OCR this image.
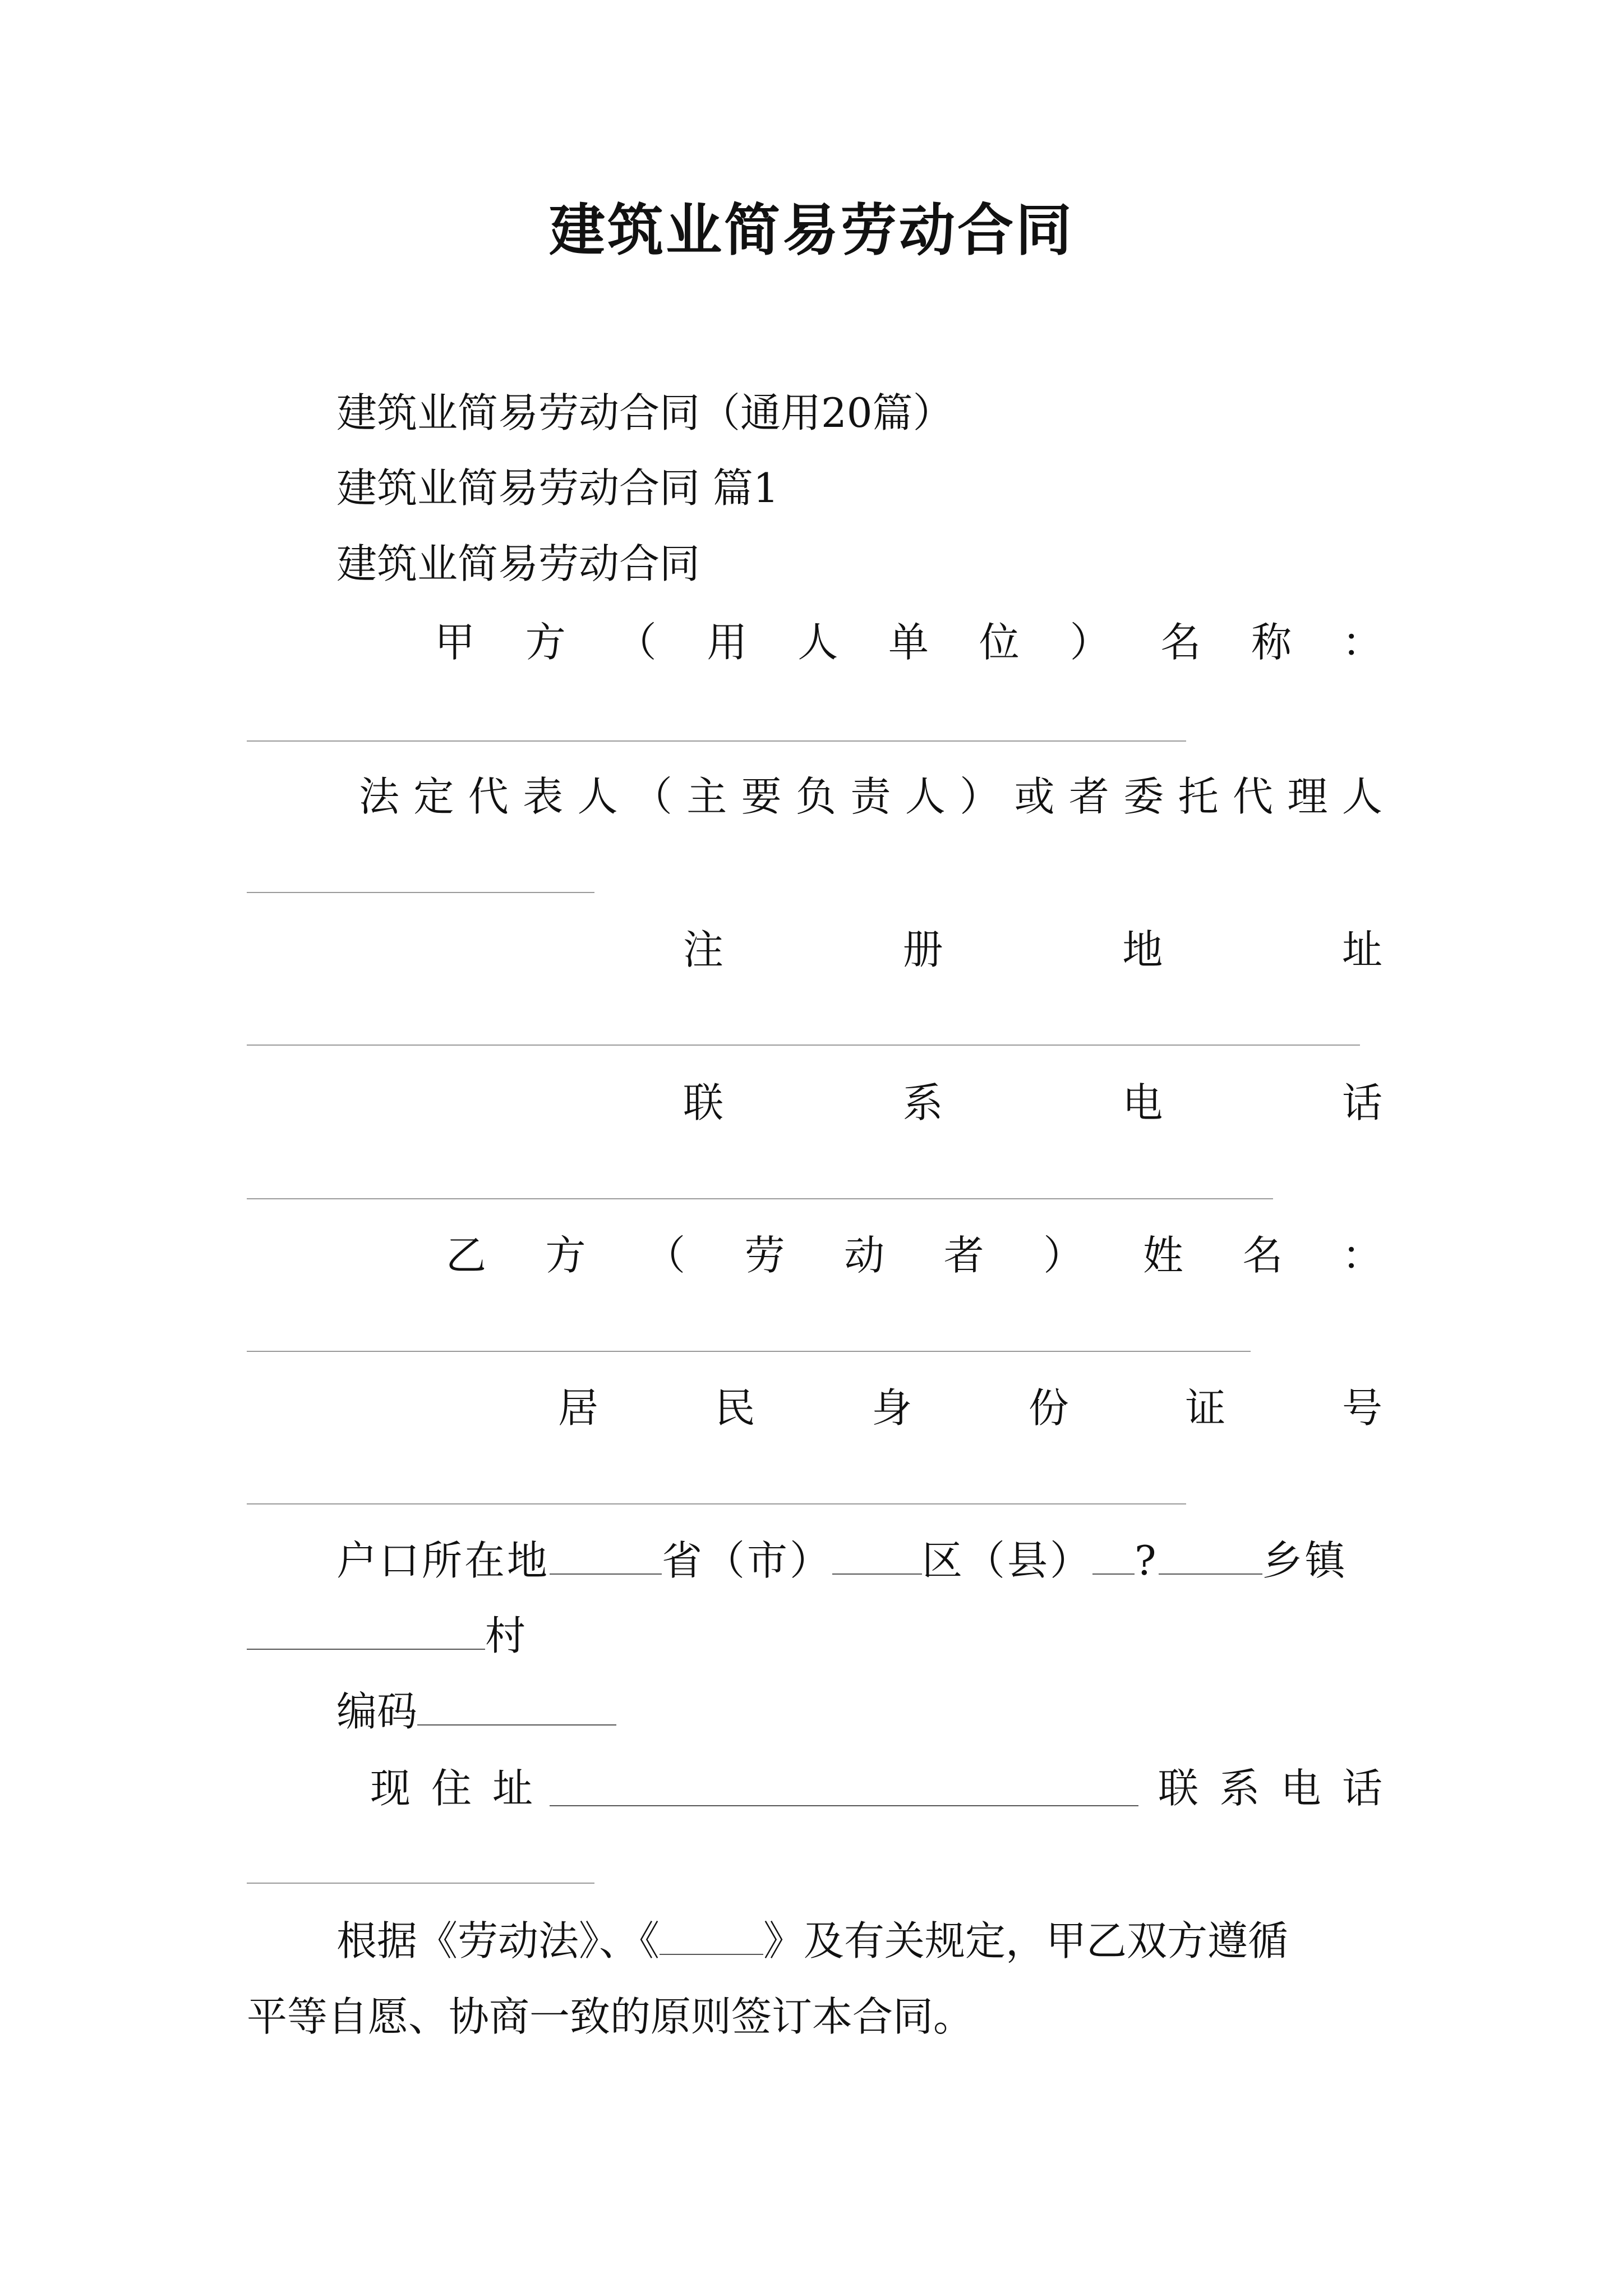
建筑业简易劳动合同
建筑业简易劳动合同（通用20篇）
建筑业简易劳动合同 篇1
建筑业简易劳动合同
甲 方 （ 用 人 单 位 ） 名 称 ：
法 定 代 表 人 （ 主 要 负 责 人 ） 或 者 委 托 代 理 人
注	册	地	址
联	系	电	话
乙 方 （ 劳 动 者 ） 姓 名 ：
居	民	身	份	证	号
户口所在地	省（市） 区（县） ?	乡镇
村
编码
现 住 址	联 系 电 话
根据《劳动法》、《	》及有关规定，甲乙双方遵循
平等自愿、协商一致的原则签订本合同。
